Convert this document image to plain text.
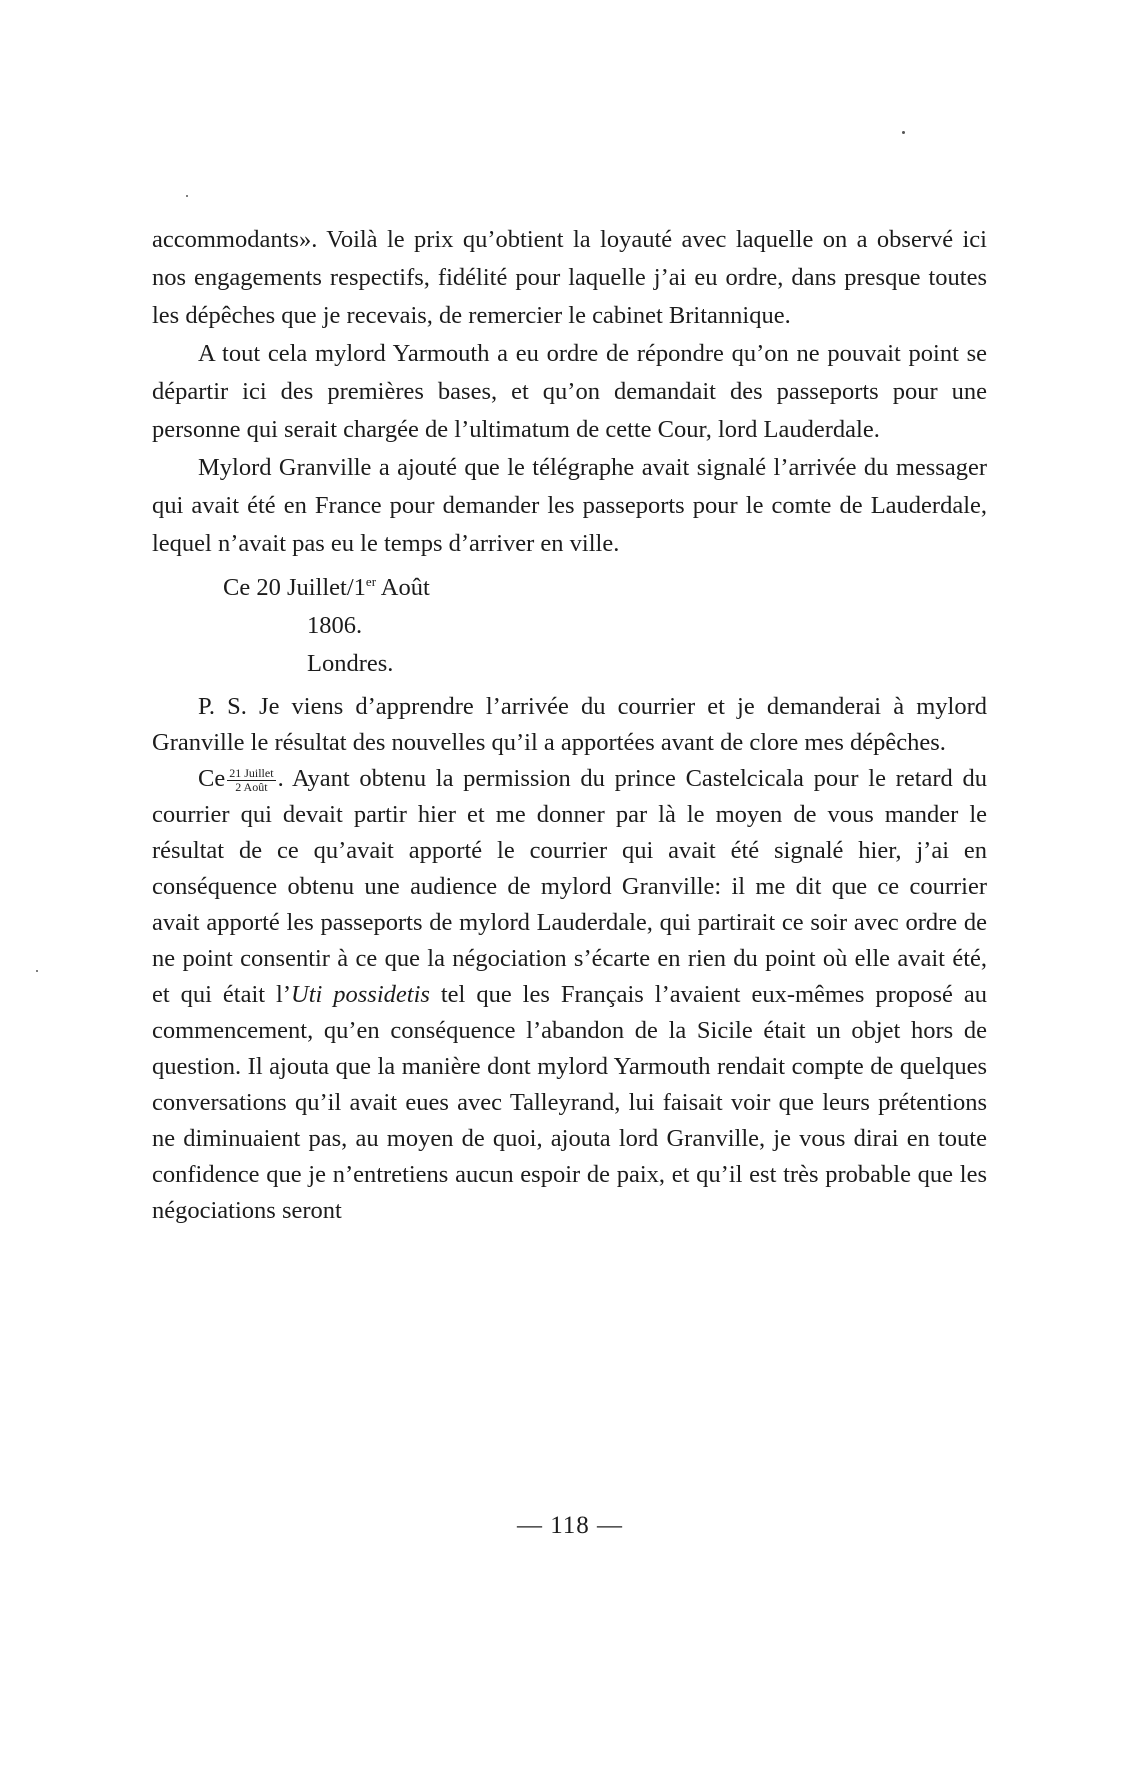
accommodants». Voilà le prix qu’obtient la loyauté avec laquelle on a observé ici nos engagements respectifs, fidélité pour laquelle j’ai eu ordre, dans presque toutes les dépêches que je recevais, de remercier le cabinet Britannique.

A tout cela mylord Yarmouth a eu ordre de répondre qu’on ne pouvait point se départir ici des premières bases, et qu’on demandait des passeports pour une personne qui serait chargée de l’ultimatum de cette Cour, lord Lauderdale.

Mylord Granville a ajouté que le télégraphe avait signalé l’arrivée du messager qui avait été en France pour demander les passeports pour le comte de Lauderdale, lequel n’avait pas eu le temps d’arriver en ville.

Ce 20 Juillet/1er Août
1806.
Londres.

P. S. Je viens d’apprendre l’arrivée du courrier et je demanderai à mylord Granville le résultat des nouvelles qu’il a apportées avant de clore mes dépêches.

Ce $\frac{\text{21 Juillet}}{\text{2 Août}}$ . Ayant obtenu la permission du prince Castelcicala pour le retard du courrier qui devait partir hier et me donner par là le moyen de vous mander le résultat de ce qu’avait apporté le courrier qui avait été signalé hier, j’ai en conséquence obtenu une audience de mylord Granville: il me dit que ce courrier avait apporté les passeports de mylord Lauderdale, qui partirait ce soir avec ordre de ne point consentir à ce que la négociation s’écarte en rien du point où elle avait été, et qui était l’Uti possidetis tel que les Français l’avaient eux-mêmes proposé au commencement, qu’en conséquence l’abandon de la Sicile était un objet hors de question. Il ajouta que la manière dont mylord Yarmouth rendait compte de quelques conversations qu’il avait eues avec Talleyrand, lui faisait voir que leurs prétentions ne diminuaient pas, au moyen de quoi, ajouta lord Granville, je vous dirai en toute confidence que je n’entretiens aucun espoir de paix, et qu’il est très probable que les négociations seront

— 118 —
